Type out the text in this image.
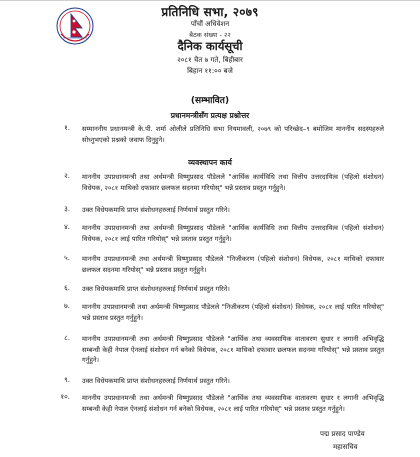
प्रतिनिधि सभा, २०७९
पाँचौं अधिवेशन
बैठक संख्या - २२
दैनिक कार्यसूची
२०८१ चैत ७ गते, बिहीबार
बिहान ११:०० बजे
(सम्भावित)
प्रधानमन्त्रीसँग प्रत्यक्ष प्रश्नोत्तर
१. सम्माननीय प्रधानमन्त्री के.पी. शर्मा ओलीले प्रतिनिधि सभा नियमावली, २०७९ को परिच्छेद–९ बमोजिम माननीय सदस्यहरुले सोध्नुभएको प्रश्नको जवाफ दिनुहुने।
व्यवस्थापन कार्य
२. माननीय उपप्रधानमन्त्री तथा अर्थमन्त्री विष्णुप्रसाद पौडेलले "आर्थिक कार्यविधि तथा वित्तीय उत्तरदायित्व (पहिलो संशोधन) विधेयक, २०८१ माथिको दफावार छलफल सदनमा गरियोस्" भन्ने प्रस्ताव प्रस्तुत गर्नुहुने।
३. उक्त विधेयकमाथि प्राप्त संशोधनहरुलाई निर्णयार्थ प्रस्तुत गरिने।
४. माननीय उपप्रधानमन्त्री तथा अर्थमन्त्री विष्णुप्रसाद पौडेलले "आर्थिक कार्यविधि तथा वित्तीय उत्तरदायित्व (पहिलो संशोधन) विधेयक, २०८१ लाई पारित गरियोस्" भन्ने प्रस्ताव प्रस्तुत गर्नुहुने।
५. माननीय उपप्रधानमन्त्री तथा अर्थमन्त्री विष्णुप्रसाद पौडेलले "निजीकरण (पहिलो संशोधन) विधेयक, २०८१ माथिको दफावार छलफल सदनमा गरियोस्" भन्ने प्रस्ताव प्रस्तुत गर्नुहुने।
६. उक्त विधेयकमाथि प्राप्त संशोधनहरुलाई निर्णयार्थ प्रस्तुत गरिने।
७. माननीय उपप्रधानमन्त्री तथा अर्थमन्त्री विष्णुप्रसाद पौडेलले "निजीकरण (पहिलो संशोधन) विधेयक, २०८१ लाई पारित गरियोस्" भन्ने प्रस्ताव प्रस्तुत गर्नुहुने।
८. माननीय उपप्रधानमन्त्री तथा अर्थमन्त्री विष्णुप्रसाद पौडेलले "आर्थिक तथा व्यवसायिक वातावरण सुधार र लगानी अभिवृद्धि सम्बन्धी केही नेपाल ऐनलाई संशोधन गर्न बनेको विधेयक, २०८१ माथिको दफावार छलफल सदनमा गरियोस्" भन्ने प्रस्ताव प्रस्तुत गर्नुहुने।
९. उक्त विधेयकमाथि प्राप्त संशोधनहरुलाई निर्णयार्थ प्रस्तुत गरिने।
१०. माननीय उपप्रधानमन्त्री तथा अर्थमन्त्री विष्णुप्रसाद पौडेलले "आर्थिक तथा व्यवसायिक वातावरण सुधार र लगानी अभिवृद्धि सम्बन्धी केही नेपाल ऐनलाई संशोधन गर्न बनेको विधेयक, २०८१ लाई पारित गरियोस्" भन्ने प्रस्ताव प्रस्तुत गर्नुहुने।
पद्म प्रसाद पाण्डेय
महासचिव
